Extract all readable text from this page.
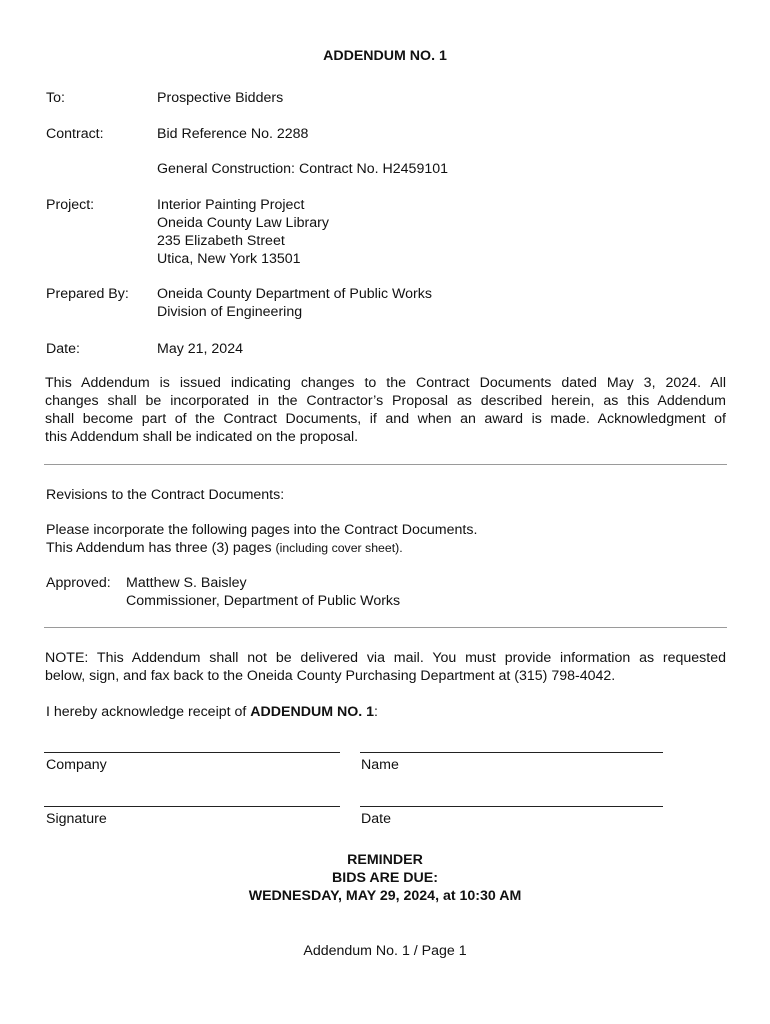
ADDENDUM NO. 1
To:	Prospective Bidders
Contract:	Bid Reference No. 2288
General Construction: Contract No. H2459101
Project:	Interior Painting Project
Oneida County Law Library
235 Elizabeth Street
Utica, New York 13501
Prepared By: Oneida County Department of Public Works
Division of Engineering
Date:	May 21, 2024
This Addendum is issued indicating changes to the Contract Documents dated May 3, 2024. All
changes shall be incorporated in the Contractor’s Proposal as described herein, as this Addendum
shall become part of the Contract Documents, if and when an award is made. Acknowledgment of
this Addendum shall be indicated on the proposal.
Revisions to the Contract Documents:
Please incorporate the following pages into the Contract Documents.
This Addendum has three (3) pages (including cover sheet).
Approved: Matthew S. Baisley
Commissioner, Department of Public Works
NOTE: This Addendum shall not be delivered via mail. You must provide information as requested
below, sign, and fax back to the Oneida County Purchasing Department at (315) 798-4042.
I hereby acknowledge receipt of ADDENDUM NO. 1:
Company	Name
Signature	Date
REMINDER
BIDS ARE DUE:
WEDNESDAY, MAY 29, 2024, at 10:30 AM
Addendum No. 1 / Page 1
